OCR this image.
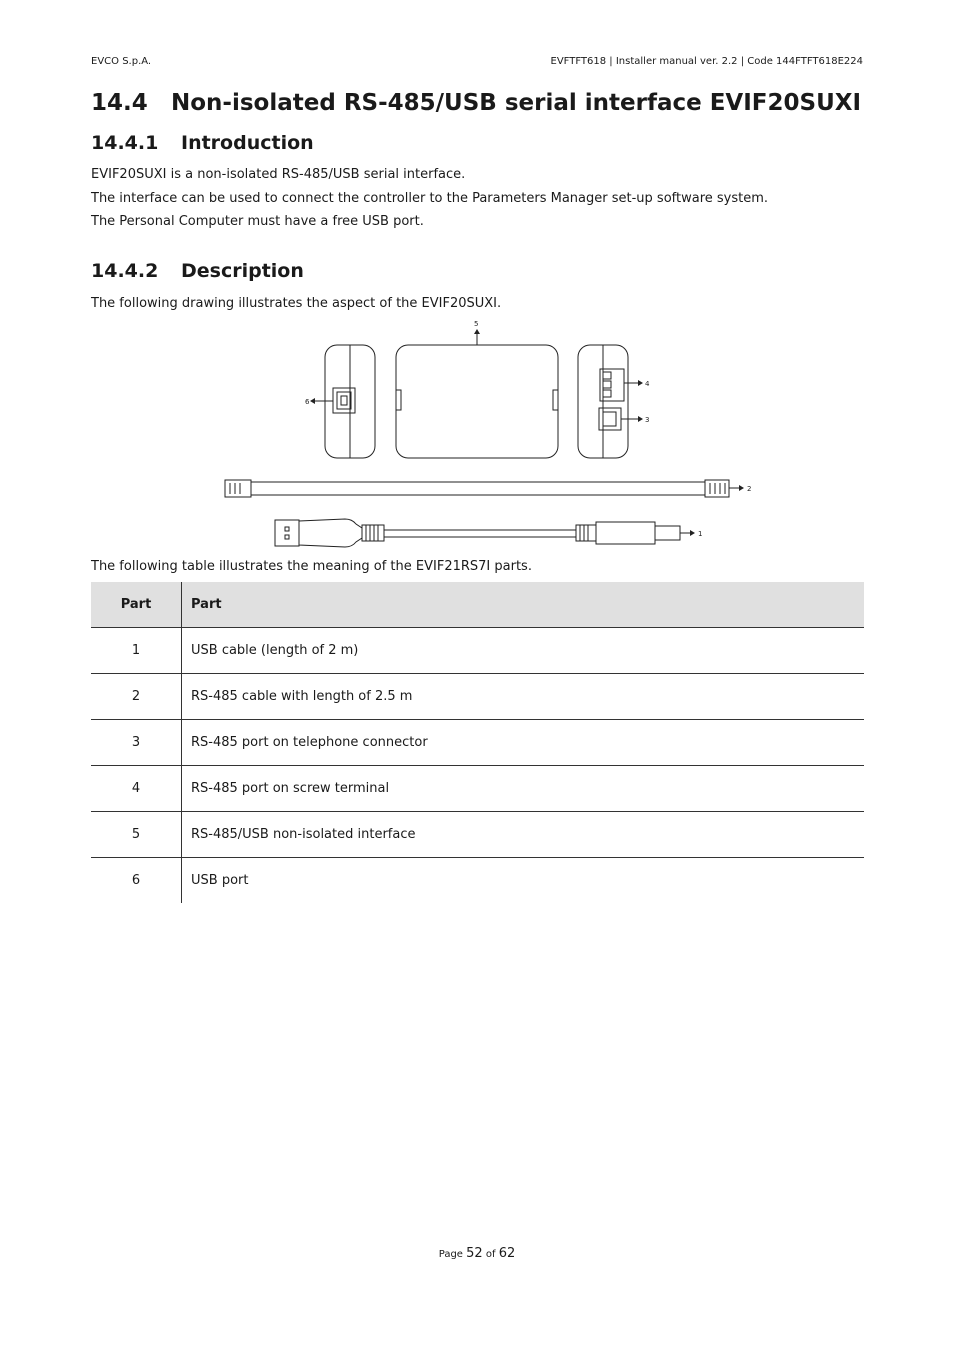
EVCO S.p.A.	EVFTFT618 | Installer manual ver. 2.2 | Code 144FTFT618E224
14.4 Non-isolated RS-485/USB serial interface EVIF20SUXI
14.4.1 Introduction
EVIF20SUXI is a non-isolated RS-485/USB serial interface.
The interface can be used to connect the controller to the Parameters Manager set-up software system.
The Personal Computer must have a free USB port.
14.4.2 Description
The following drawing illustrates the aspect of the EVIF20SUXI.
6
5
4
3
2
1
The following table illustrates the meaning of the EVIF21RS7I parts.
Part	Part
1	USB cable (length of 2 m)
2	RS-485 cable with length of 2.5 m
3	RS-485 port on telephone connector
4	RS-485 port on screw terminal
5	RS-485/USB non-isolated interface
6	USB port
Page 52 of 62
